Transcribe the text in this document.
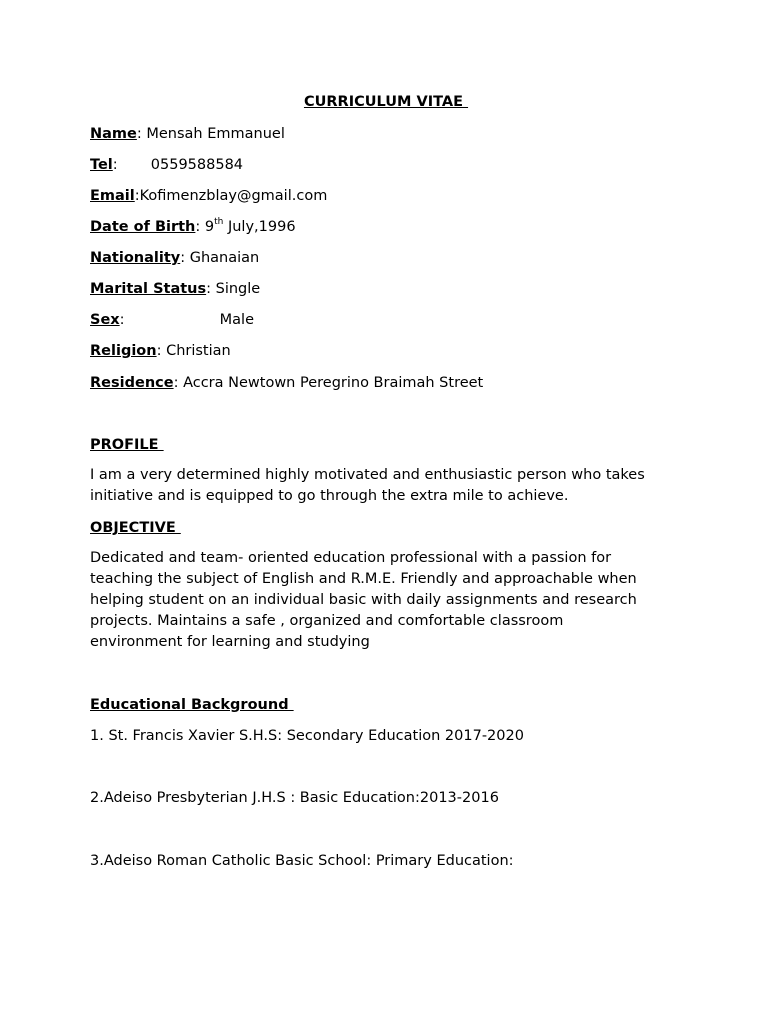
CURRICULUM VITAE
Name: Mensah Emmanuel
Tel: 0559588584
Email:Kofimenzblay@gmail.com
Date of Birth: 9th July,1996
Nationality: Ghanaian
Marital Status: Single
Sex:	Male
Religion: Christian
Residence: Accra Newtown Peregrino Braimah Street
PROFILE
I am a very determined highly motivated and enthusiastic person who takes
initiative and is equipped to go through the extra mile to achieve.
OBJECTIVE
Dedicated and team- oriented education professional with a passion for
teaching the subject of English and R.M.E. Friendly and approachable when
helping student on an individual basic with daily assignments and research
projects. Maintains a safe , organized and comfortable classroom
environment for learning and studying
Educational Background
1. St. Francis Xavier S.H.S: Secondary Education 2017-2020
2.Adeiso Presbyterian J.H.S : Basic Education:2013-2016
3.Adeiso Roman Catholic Basic School: Primary Education:
